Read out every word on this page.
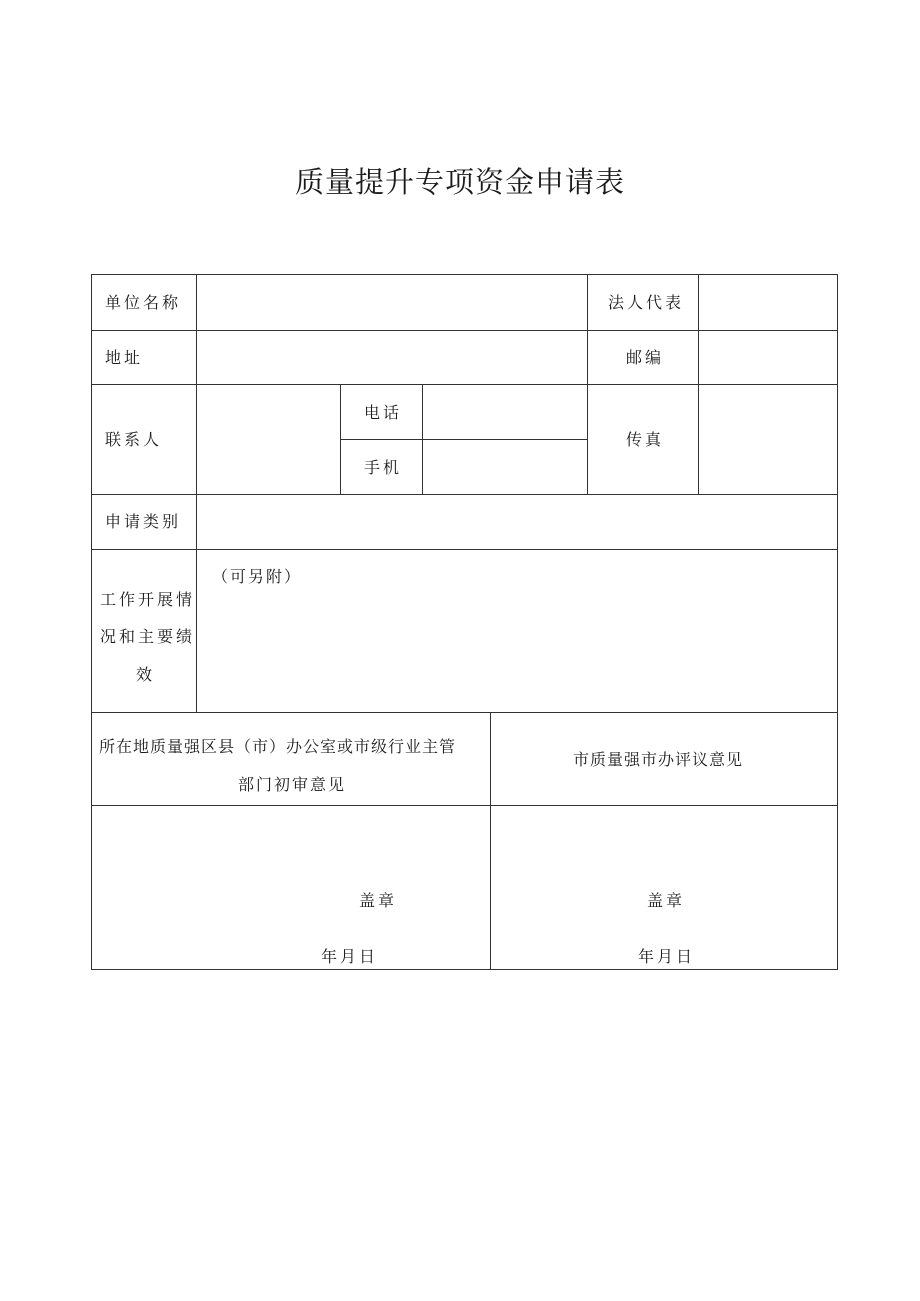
质量提升专项资金申请表
单位名称	法人代表
地址	邮编
联系人
电话
手机
传真
申请类别
工作开展情
况和主要绩
效
（可另附）
所在地质量强区县（市）办公室或市级行业主管
部门初审意见
市质量强市办评议意见
盖章
年月日
盖章
年月日
